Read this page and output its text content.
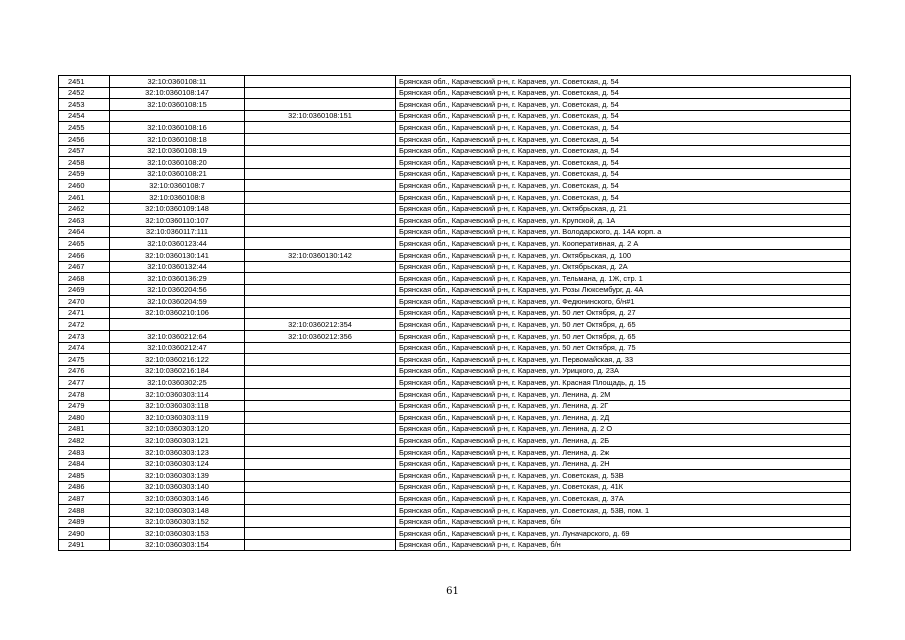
2451	32:10:0360108:11		Брянская обл., Карачевский р-н, г. Карачев, ул. Советская, д. 54
2452	32:10:0360108:147		Брянская обл., Карачевский р-н, г. Карачев, ул. Советская, д. 54
2453	32:10:0360108:15		Брянская обл., Карачевский р-н, г. Карачев, ул. Советская, д. 54
2454		32:10:0360108:151	Брянская обл., Карачевский р-н, г. Карачев, ул. Советская, д. 54
2455	32:10:0360108:16		Брянская обл., Карачевский р-н, г. Карачев, ул. Советская, д. 54
2456	32:10:0360108:18		Брянская обл., Карачевский р-н, г. Карачев, ул. Советская, д. 54
2457	32:10:0360108:19		Брянская обл., Карачевский р-н, г. Карачев, ул. Советская, д. 54
2458	32:10:0360108:20		Брянская обл., Карачевский р-н, г. Карачев, ул. Советская, д. 54
2459	32:10:0360108:21		Брянская обл., Карачевский р-н, г. Карачев, ул. Советская, д. 54
2460	32:10:0360108:7		Брянская обл., Карачевский р-н, г. Карачев, ул. Советская, д. 54
2461	32:10:0360108:8		Брянская обл., Карачевский р-н, г. Карачев, ул. Советская, д. 54
2462	32:10:0360109:148		Брянская обл., Карачевский р-н, г. Карачев, ул. Октябрьская, д. 21
2463	32:10:0360110:107		Брянская обл., Карачевский р-н, г. Карачев, ул. Крупской, д. 1А
2464	32:10:0360117:111		Брянская обл., Карачевский р-н, г. Карачев, ул. Володарского, д. 14А корп. а
2465	32:10:0360123:44		Брянская обл., Карачевский р-н, г. Карачев, ул. Кооперативная, д. 2 А
2466	32:10:0360130:141	32:10:0360130:142	Брянская обл., Карачевский р-н, г. Карачев, ул. Октябрьская, д. 100
2467	32:10:0360132:44		Брянская обл., Карачевский р-н, г. Карачев, ул. Октябрьская, д. 2А
2468	32:10:0360136:29		Брянская обл., Карачевский р-н, г. Карачев, ул. Тельмана, д. 1Ж, стр. 1
2469	32:10:0360204:56		Брянская обл., Карачевский р-н, г. Карачев, ул. Розы Люксембург, д. 4А
2470	32:10:0360204:59		Брянская обл., Карачевский р-н, г. Карачев, ул. Федюнинского, б/н#1
2471	32:10:0360210:106		Брянская обл., Карачевский р-н, г. Карачев, ул. 50 лет Октября, д. 27
2472		32:10:0360212:354	Брянская обл., Карачевский р-н, г. Карачев, ул. 50 лет Октября, д. 65
2473	32:10:0360212:64	32:10:0360212:356	Брянская обл., Карачевский р-н, г. Карачев, ул. 50 лет Октября, д. 65
2474	32:10:0360212:47		Брянская обл., Карачевский р-н, г. Карачев, ул. 50 лет Октября, д. 75
2475	32:10:0360216:122		Брянская обл., Карачевский р-н, г. Карачев, ул. Первомайская, д. 33
2476	32:10:0360216:184		Брянская обл., Карачевский р-н, г. Карачев, ул. Урицкого, д. 23А
2477	32:10:0360302:25		Брянская обл., Карачевский р-н, г. Карачев, ул. Красная Площадь, д. 15
2478	32:10:0360303:114		Брянская обл., Карачевский р-н, г. Карачев, ул. Ленина, д. 2М
2479	32:10:0360303:118		Брянская обл., Карачевский р-н, г. Карачев, ул. Ленина, д. 2Г
2480	32:10:0360303:119		Брянская обл., Карачевский р-н, г. Карачев, ул. Ленина, д. 2Д
2481	32:10:0360303:120		Брянская обл., Карачевский р-н, г. Карачев, ул. Ленина, д. 2 О
2482	32:10:0360303:121		Брянская обл., Карачевский р-н, г. Карачев, ул. Ленина, д. 2Б
2483	32:10:0360303:123		Брянская обл., Карачевский р-н, г. Карачев, ул. Ленина, д. 2ж
2484	32:10:0360303:124		Брянская обл., Карачевский р-н, г. Карачев, ул. Ленина, д. 2Н
2485	32:10:0360303:139		Брянская обл., Карачевский р-н, г. Карачев, ул. Советская, д. 53В
2486	32:10:0360303:140		Брянская обл., Карачевский р-н, г. Карачев, ул. Советская, д. 41К
2487	32:10:0360303:146		Брянская обл., Карачевский р-н, г. Карачев, ул. Советская, д. 37А
2488	32:10:0360303:148		Брянская обл., Карачевский р-н, г. Карачев, ул. Советская, д. 53В, пом. 1
2489	32:10:0360303:152		Брянская обл., Карачевский р-н, г. Карачев, б/н
2490	32:10:0360303:153		Брянская обл., Карачевский р-н, г. Карачев, ул. Луначарского, д. 69
2491	32:10:0360303:154		Брянская обл., Карачевский р-н, г. Карачев, б/н
61
